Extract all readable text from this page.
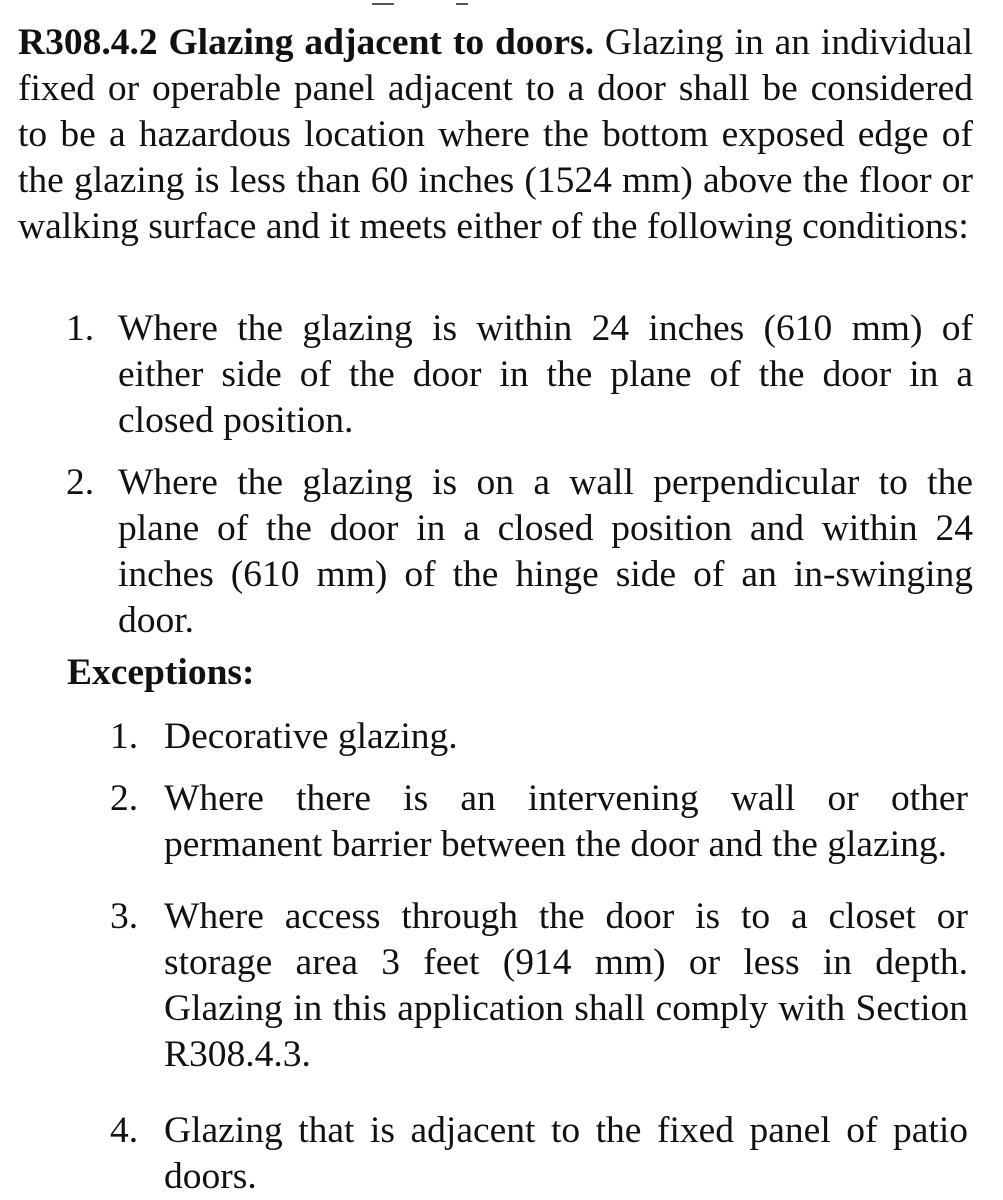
R308.4.2 Glazing adjacent to doors. Glazing in an individual fixed or operable panel adjacent to a door shall be considered to be a hazardous location where the bottom exposed edge of the glazing is less than 60 inches (1524 mm) above the floor or walking surface and it meets either of the following conditions:

1. Where the glazing is within 24 inches (610 mm) of either side of the door in the plane of the door in a closed position.
2. Where the glazing is on a wall perpendicular to the plane of the door in a closed position and within 24 inches (610 mm) of the hinge side of an in-swinging door.

Exceptions:

1. Decorative glazing.
2. Where there is an intervening wall or other permanent barrier between the door and the glazing.
3. Where access through the door is to a closet or storage area 3 feet (914 mm) or less in depth. Glazing in this application shall comply with Section R308.4.3.
4. Glazing that is adjacent to the fixed panel of patio doors.
